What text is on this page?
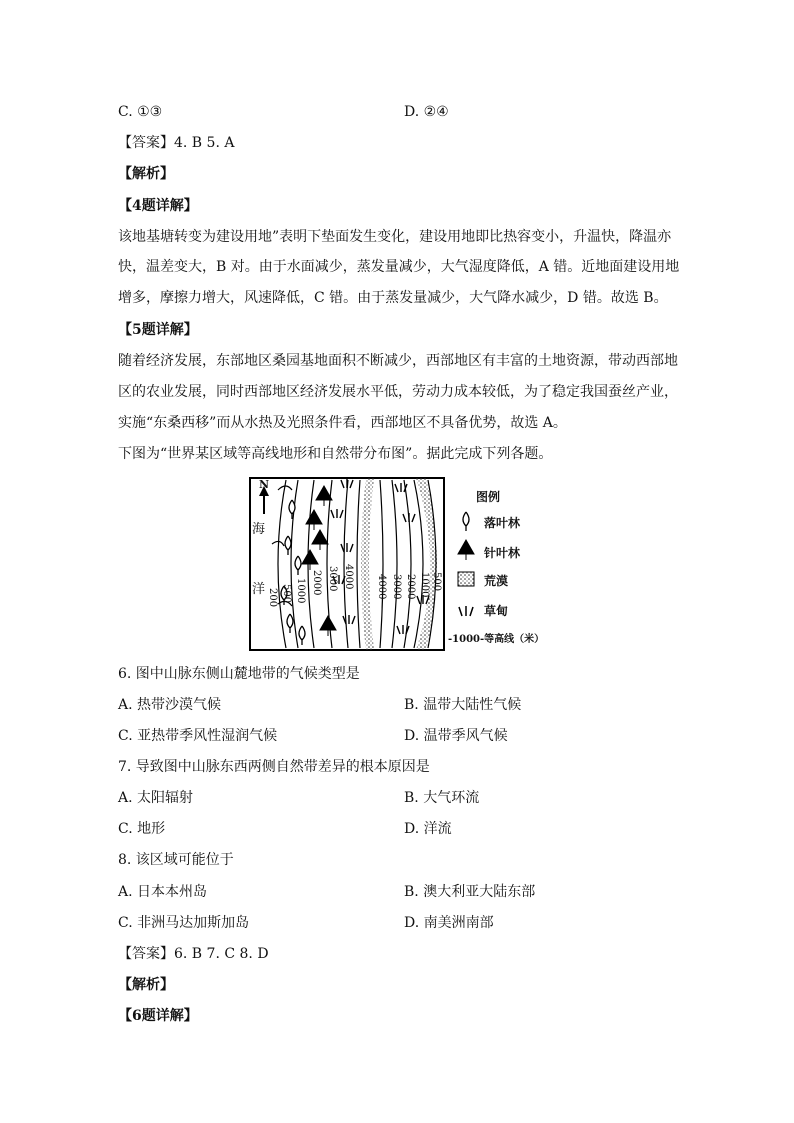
C. ①③	D. ②④
【答案】4. B 5. A
【解析】
【4题详解】
该地基塘转变为建设用地”表明下垫面发生变化，建设用地即比热容变小，升温快，降温亦
快，温差变大，B 对。由于水面减少，蒸发量减少，大气湿度降低，A 错。近地面建设用地
增多，摩擦力增大，风速降低，C 错。由于蒸发量减少，大气降水减少，D 错。故选 B。
【5题详解】
随着经济发展，东部地区桑园基地面积不断减少，西部地区有丰富的土地资源，带动西部地
区的农业发展，同时西部地区经济发展水平低，劳动力成本较低，为了稳定我国蚕丝产业，
实施“东桑西移”而从水热及光照条件看，西部地区不具备优势，故选 A。
下图为“世界某区域等高线地形和自然带分布图”。据此完成下列各题。
N
海
洋 200 500 1000 2000 3000 4000 4000 3000 2000 1000 500
图例
落叶林
针叶林
荒漠
草甸
-1000-等高线（米）
6. 图中山脉东侧山麓地带的气候类型是
A. 热带沙漠气候	B. 温带大陆性气候
C. 亚热带季风性湿润气候	D. 温带季风气候
7. 导致图中山脉东西两侧自然带差异的根本原因是
A. 太阳辐射	B. 大气环流
C. 地形	D. 洋流
8. 该区域可能位于
A. 日本本州岛	B. 澳大利亚大陆东部
C. 非洲马达加斯加岛	D. 南美洲南部
【答案】6. B 7. C 8. D
【解析】
【6题详解】
